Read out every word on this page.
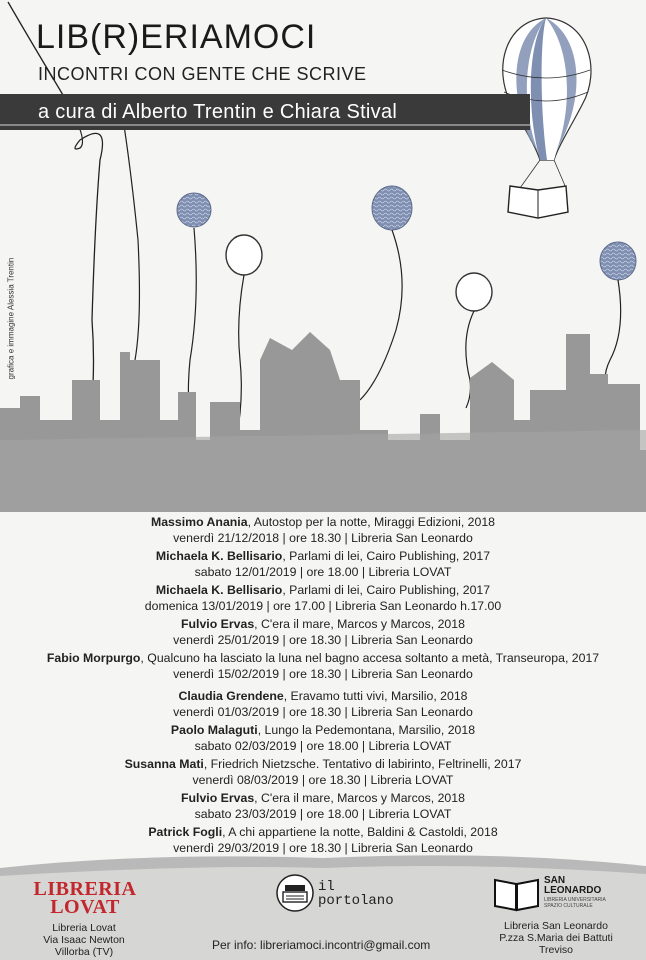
LIB(R)ERIAMOCI
INCONTRI CON GENTE CHE SCRIVE
a cura di Alberto Trentin e Chiara Stival
grafica e immagine Alessia Trentin
Massimo Anania, Autostop per la notte, Miraggi Edizioni, 2018
venerdì 21/12/2018 | ore 18.30 | Libreria San Leonardo
Michaela K. Bellisario, Parlami di lei, Cairo Publishing, 2017
sabato 12/01/2019 | ore 18.00 | Libreria LOVAT
Michaela K. Bellisario, Parlami di lei, Cairo Publishing, 2017
domenica 13/01/2019 | ore 17.00 | Libreria San Leonardo h.17.00
Fulvio Ervas, C'era il mare, Marcos y Marcos, 2018
venerdì 25/01/2019 | ore 18.30 | Libreria San Leonardo
Fabio Morpurgo, Qualcuno ha lasciato la luna nel bagno accesa soltanto a metà, Transeuropa, 2017
venerdì 15/02/2019 | ore 18.30 | Libreria San Leonardo
Claudia Grendene, Eravamo tutti vivi, Marsilio, 2018
venerdì 01/03/2019 | ore 18.30 | Libreria San Leonardo
Paolo Malaguti, Lungo la Pedemontana, Marsilio, 2018
sabato 02/03/2019 | ore 18.00 | Libreria LOVAT
Susanna Mati, Friedrich Nietzsche. Tentativo di labirinto, Feltrinelli, 2017
venerdì 08/03/2019 | ore 18.30 | Libreria LOVAT
Fulvio Ervas, C'era il mare, Marcos y Marcos, 2018
sabato 23/03/2019 | ore 18.00 | Libreria LOVAT
Patrick Fogli, A chi appartiene la notte, Baldini & Castoldi, 2018
venerdì 29/03/2019 | ore 18.30 | Libreria San Leonardo
LIBRERIA
LOVAT
Libreria Lovat
Via Isaac Newton
Villorba (TV)
il
portolano
Per info: libreriamoci.incontri@gmail.com
SAN
LEONARDO
LIBRERIA UNIVERSITARIA SPAZIO CULTURALE
Libreria San Leonardo
P.zza S.Maria dei Battuti
Treviso
